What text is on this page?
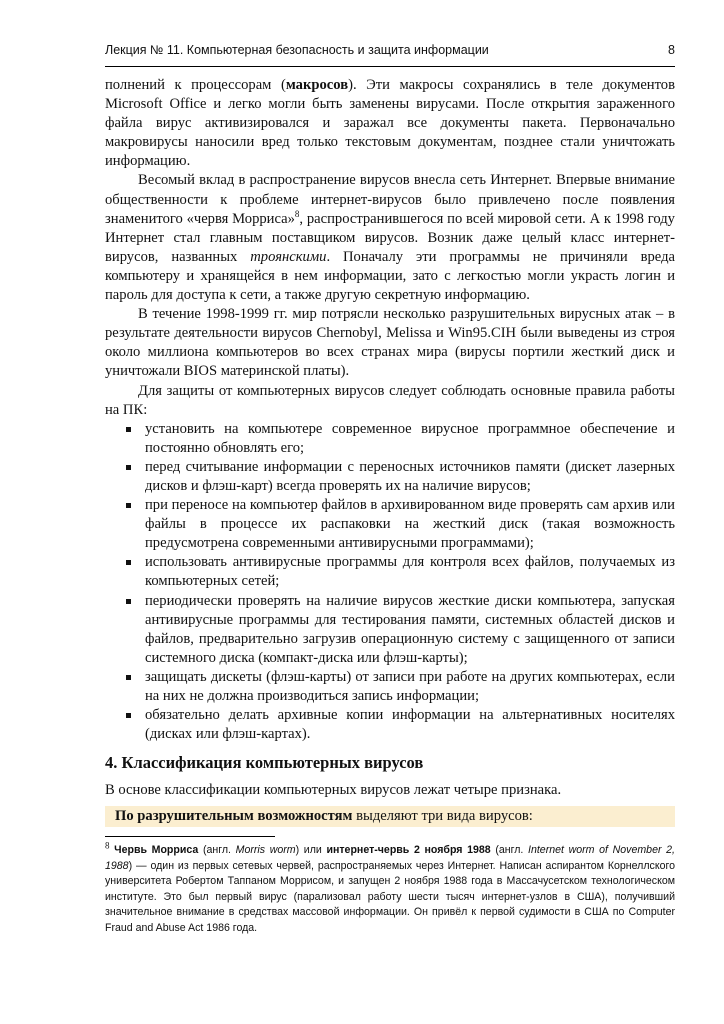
Лекция № 11. Компьютерная безопасность и защита информации	8

полнений к процессорам (макросов). Эти макросы сохранялись в теле документов Microsoft Office и легко могли быть заменены вирусами. После открытия зараженного файла вирус активизировался и заражал все документы пакета. Первоначально макровирусы наносили вред только текстовым документам, позднее стали уничтожать информацию.

Весомый вклад в распространение вирусов внесла сеть Интернет. Впервые внимание общественности к проблеме интернет-вирусов было привлечено после появления знаменитого «червя Морриса»$^8$, распространившегося по всей мировой сети. А к 1998 году Интернет стал главным поставщиком вирусов. Возник даже целый класс интернет-вирусов, названных троянскими. Поначалу эти программы не причиняли вреда компьютеру и хранящейся в нем информации, зато с легкостью могли украсть логин и пароль для доступа к сети, а также другую секретную информацию.

В течение 1998-1999 гг. мир потрясли несколько разрушительных вирусных атак – в результате деятельности вирусов Chernobyl, Melissa и Win95.CIH были выведены из строя около миллиона компьютеров во всех странах мира (вирусы портили жесткий диск и уничтожали BIOS материнской платы).

Для защиты от компьютерных вирусов следует соблюдать основные правила работы на ПК:

установить на компьютере современное вирусное программное обеспечение и постоянно обновлять его;
перед считывание информации с переносных источников памяти (дискет лазерных дисков и флэш-карт) всегда проверять их на наличие вирусов;
при переносе на компьютер файлов в архивированном виде проверять сам архив или файлы в процессе их распаковки на жесткий диск (такая возможность предусмотрена современными антивирусными программами);
использовать антивирусные программы для контроля всех файлов, получаемых из компьютерных сетей;
периодически проверять на наличие вирусов жесткие диски компьютера, запуская антивирусные программы для тестирования памяти, системных областей дисков и файлов, предварительно загрузив операционную систему с защищенного от записи системного диска (компакт-диска или флэш-карты);
защищать дискеты (флэш-карты) от записи при работе на других компьютерах, если на них не должна производиться запись информации;
обязательно делать архивные копии информации на альтернативных носителях (дисках или флэш-картах).
4. Классификация компьютерных вирусов
В основе классификации компьютерных вирусов лежат четыре признака.
По разрушительным возможностям выделяют три вида вирусов:
$^8$ Червь Морриса (англ. Morris worm) или интернет-червь 2 ноября 1988 (англ. Internet worm of November 2, 1988) — один из первых сетевых червей, распространяемых через Интернет. Написан аспирантом Корнеллского университета Робертом Таппаном Моррисом, и запущен 2 ноября 1988 года в Массачусетском технологическом институте. Это был первый вирус (парализовал работу шести тысяч интернет-узлов в США), получивший значительное внимание в средствах массовой информации. Он привёл к первой судимости в США по Computer Fraud and Abuse Act 1986 года.
